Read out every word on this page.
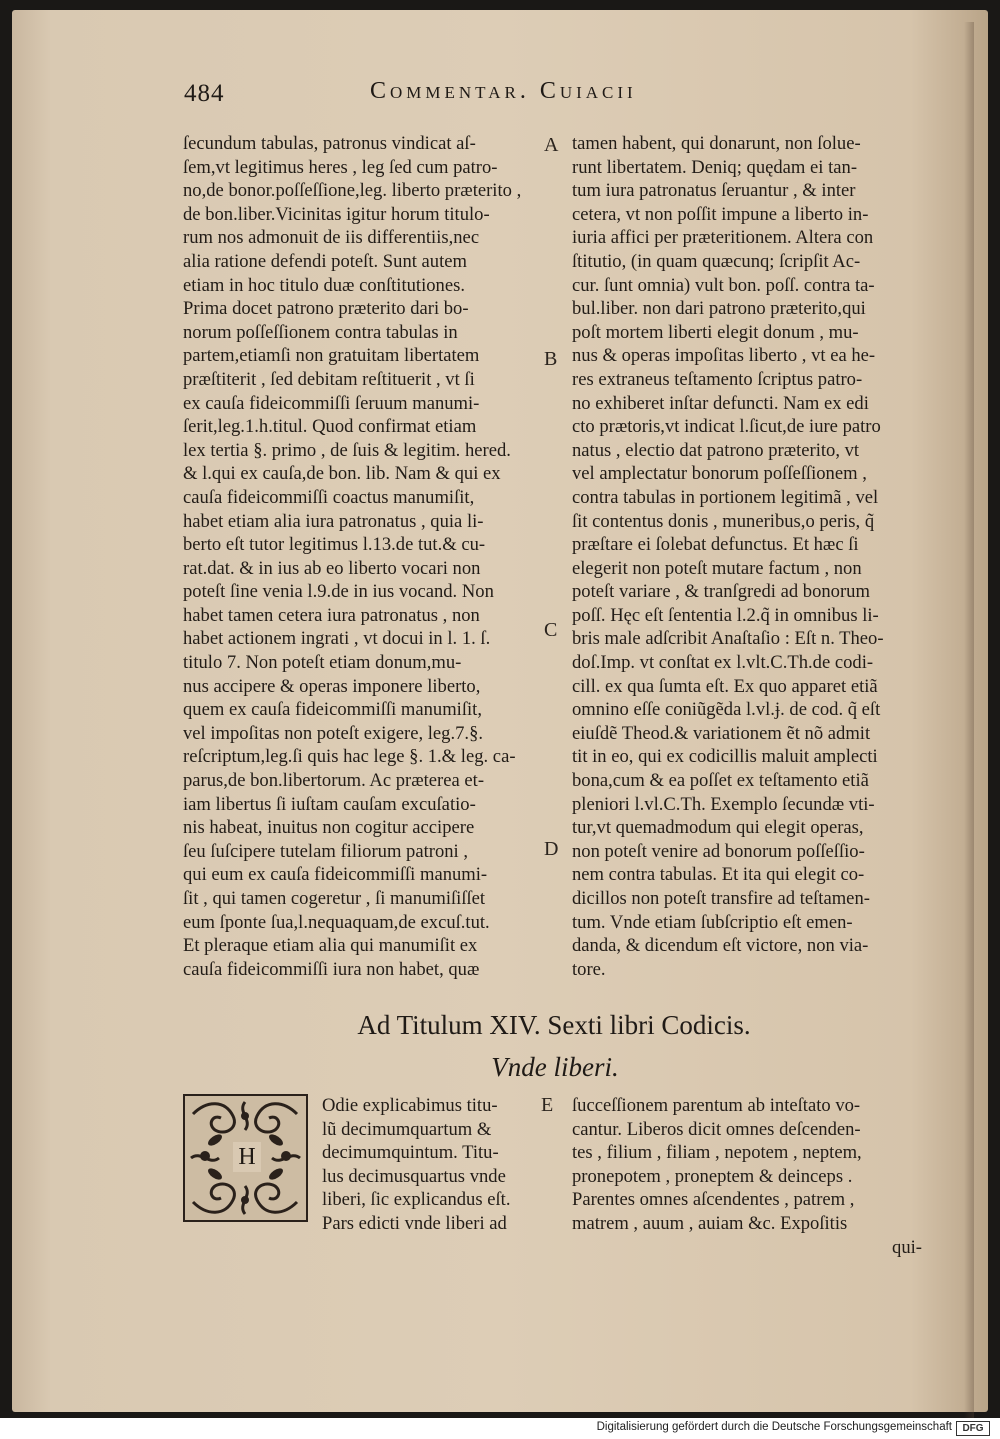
484	Commentar. Cuiacii
ſecundum tabulas, patronus vindicat aſ-
ſem,vt legitimus heres , leg ſed cum patro-
no,de bonor.poſſeſſione,leg. liberto præterito ,
de bon.liber.Vicinitas igitur horum titulo-
rum nos admonuit de iis differentiis,nec
alia ratione defendi poteſt. Sunt autem
etiam in hoc titulo duæ conſtitutiones.
Prima docet patrono præterito dari bo-
norum poſſeſſionem contra tabulas in
partem,etiamſi non gratuitam libertatem
præſtiterit , ſed debitam reſtituerit , vt ſi
ex cauſa fideicommiſſi ſeruum manumi-
ſerit,leg.1.h.titul. Quod confirmat etiam
lex tertia §. primo , de ſuis & legitim. hered.
& l.qui ex cauſa,de bon. lib. Nam & qui ex
cauſa fideicommiſſi coactus manumiſit,
habet etiam alia iura patronatus , quia li-
berto eſt tutor legitimus l.13.de tut.& cu-
rat.dat. & in ius ab eo liberto vocari non
poteſt ſine venia l.9.de in ius vocand. Non
habet tamen cetera iura patronatus , non
habet actionem ingrati , vt docui in l. 1. ſ.
titulo 7. Non poteſt etiam donum,mu-
nus accipere & operas imponere liberto,
quem ex cauſa fideicommiſſi manumiſit,
vel impoſitas non poteſt exigere, leg.7.§.
reſcriptum,leg.ſi quis hac lege §. 1.& leg. ca-
parus,de bon.libertorum. Ac præterea et-
iam libertus ſi iuſtam cauſam excuſatio-
nis habeat, inuitus non cogitur accipere
ſeu ſuſcipere tutelam filiorum patroni ,
qui eum ex cauſa fideicommiſſi manumi-
ſit , qui tamen cogeretur , ſi manumiſiſſet
eum ſponte ſua,l.nequaquam,de excuſ.tut.
Et pleraque etiam alia qui manumiſit ex
cauſa fideicommiſſi iura non habet, quæ
tamen habent, qui donarunt, non ſolue-
runt libertatem. Deniq; quędam ei tan-
tum iura patronatus ſeruantur , & inter
cetera, vt non poſſit impune a liberto in-
iuria affici per præteritionem. Altera con
ſtitutio, (in quam quæcunq; ſcripſit Ac-
cur. ſunt omnia) vult bon. poſſ. contra ta-
bul.liber. non dari patrono præterito,qui
poſt mortem liberti elegit donum , mu-
nus & operas impoſitas liberto , vt ea he-
res extraneus teſtamento ſcriptus patro-
no exhiberet inſtar defuncti. Nam ex edi
cto prætoris,vt indicat l.ſicut,de iure patro
natus , electio dat patrono præterito, vt
vel amplectatur bonorum poſſeſſionem ,
contra tabulas in portionem legitimã , vel
ſit contentus donis , muneribus,o peris, q̃
præſtare ei ſolebat defunctus. Et hæc ſi
elegerit non poteſt mutare factum , non
poteſt variare , & tranſgredi ad bonorum
poſſ. Hęc eſt ſententia l.2.q̃ in omnibus li-
bris male adſcribit Anaſtaſio : Eſt n. Theo-
doſ.Imp. vt conſtat ex l.vlt.C.Th.de codi-
cill. ex qua ſumta eſt. Ex quo apparet etiã
omnino eſſe coniũgẽda l.vl.ɉ. de cod. q̃ eſt
eiuſdẽ Theod.& variationem ẽt nõ admit
tit in eo, qui ex codicillis maluit amplecti
bona,cum & ea poſſet ex teſtamento etiã
pleniori l.vl.C.Th. Exemplo ſecundæ vti-
tur,vt quemadmodum qui elegit operas,
non poteſt venire ad bonorum poſſeſſio-
nem contra tabulas. Et ita qui elegit co-
dicillos non poteſt transfire ad teſtamen-
tum. Vnde etiam ſubſcriptio eſt emen-
danda, & dicendum eſt victore, non via-
tore.
A
B
C
D
E
Ad Titulum XIV. Sexti libri Codicis.
Vnde liberi.
H
Odie explicabimus titu-
lũ decimumquartum &
decimumquintum. Titu-
lus decimusquartus vnde
liberi, ſic explicandus eſt.
Pars edicti vnde liberi ad
ſucceſſionem parentum ab inteſtato vo-
cantur. Liberos dicit omnes deſcenden-
tes , filium , filiam , nepotem , neptem,
pronepotem , proneptem & deinceps .
Parentes omnes aſcendentes , patrem ,
matrem , auum , auiam &c. Expoſitis
qui-
Digitalisierung gefördert durch die Deutsche Forschungsgemeinschaft	DFG
